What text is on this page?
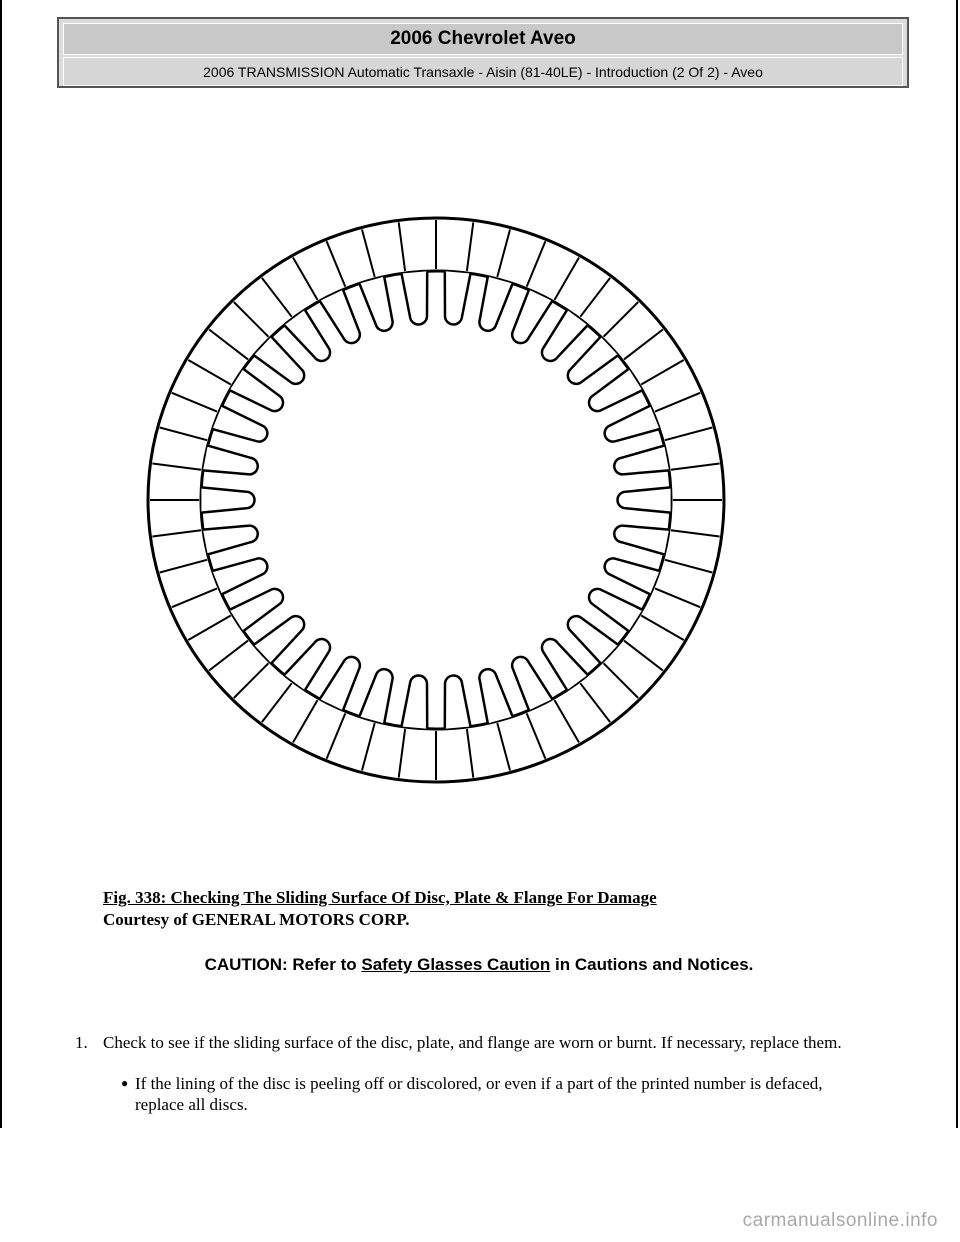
2006 Chevrolet Aveo
2006 TRANSMISSION Automatic Transaxle - Aisin (81-40LE) - Introduction (2 Of 2) - Aveo
Fig. 338: Checking The Sliding Surface Of Disc, Plate & Flange For Damage
Courtesy of GENERAL MOTORS CORP.
CAUTION: Refer to Safety Glasses Caution in Cautions and Notices.
1. Check to see if the sliding surface of the disc, plate, and flange are worn or burnt. If necessary, replace them.
● If the lining of the disc is peeling off or discolored, or even if a part of the printed number is defaced, replace all discs.
carmanualsonline.info
